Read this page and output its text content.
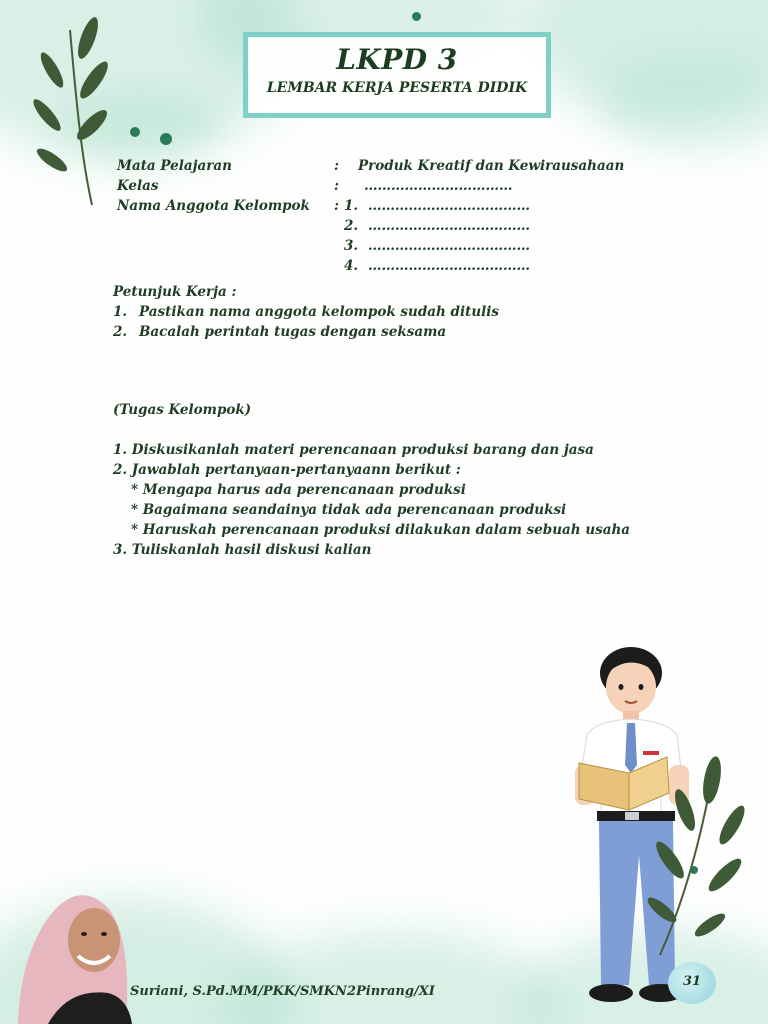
LKPD 3
LEMBAR KERJA PESERTA DIDIK
Mata Pelajaran	:	Produk Kreatif dan Kewirausahaan
Kelas	:	……………………………
Nama Anggota Kelompok	: 1. ………………………………
2. ………………………………
3. ………………………………
4. ………………………………
Petunjuk Kerja :
1. Pastikan nama anggota kelompok sudah ditulis
2. Bacalah perintah tugas dengan seksama
(Tugas Kelompok)
1. Diskusikanlah materi perencanaan produksi barang dan jasa
2. Jawablah pertanyaan-pertanyaann berikut :
* Mengapa harus ada perencanaan produksi
* Bagaimana seandainya tidak ada perencanaan produksi
* Haruskah perencanaan produksi dilakukan dalam sebuah usaha
3. Tuliskanlah hasil diskusi kalian
Suriani, S.Pd.MM/PKK/SMKN2Pinrang/XI
31
